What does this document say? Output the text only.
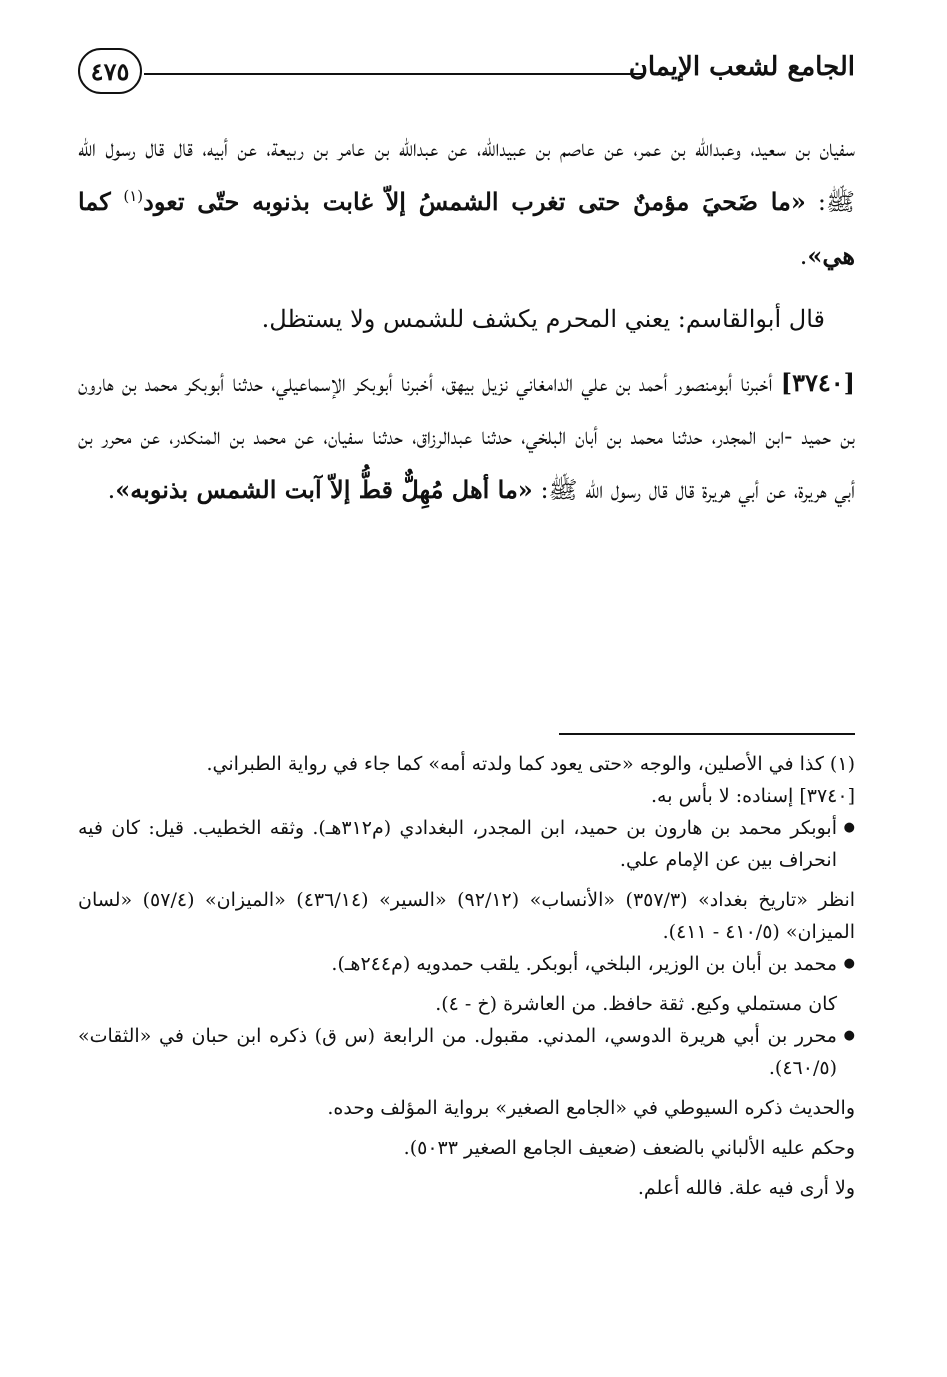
الجامع لشعب الإيمان
٤٧٥

سفيان بن سعيد، وعبدالله بن عمر، عن عاصم بن عبيدالله، عن عبدالله بن عامر بن ربيعة، عن أبيه، قال قال رسول الله ﷺ: «ما ضَحيَ مؤمنٌ حتى تغرب الشمسُ إلاّ غابت بذنوبه حتّى تعود$^{(١)}$ كما هي».

قال أبوالقاسم: يعني المحرم يكشف للشمس ولا يستظل.

[٣٧٤٠] أخبرنا أبومنصور أحمد بن علي الدامغاني نزيل بيهق، أخبرنا أبوبكر الإسماعيلي، حدثنا أبوبكر محمد بن هارون بن حميد -ابن المجدر، حدثنا محمد بن أبان البلخي، حدثنا عبدالرزاق، حدثنا سفيان، عن محمد بن المنكدر، عن محرر بن أبي هريرة، عن أبي هريرة قال قال رسول الله ﷺ: «ما أهل مُهِلٌّ قطُّ إلاّ آبت الشمس بذنوبه».

(١) كذا في الأصلين، والوجه «حتى يعود كما ولدته أمه» كما جاء في رواية الطبراني.

[٣٧٤٠] إسناده: لا بأس به.

● أبوبكر محمد بن هارون بن حميد، ابن المجدر، البغدادي (م٣١٢هـ). وثقه الخطيب. قيل: كان فيه انحراف بين عن الإمام علي.

انظر «تاريخ بغداد» (٣٥٧/٣) «الأنساب» (٩٢/١٢) «السير» (٤٣٦/١٤) «الميزان» (٥٧/٤) «لسان الميزان» (٤١٠/٥ - ٤١١).

● محمد بن أبان بن الوزير، البلخي، أبوبكر. يلقب حمدويه (م٢٤٤هـ).

كان مستملي وكيع. ثقة حافظ. من العاشرة (خ - ٤).

● محرر بن أبي هريرة الدوسي، المدني. مقبول. من الرابعة (س ق) ذكره ابن حبان في «الثقات» (٤٦٠/٥).

والحديث ذكره السيوطي في «الجامع الصغير» برواية المؤلف وحده.

وحكم عليه الألباني بالضعف (ضعيف الجامع الصغير ٥٠٣٣).

ولا أرى فيه علة. فالله أعلم.
